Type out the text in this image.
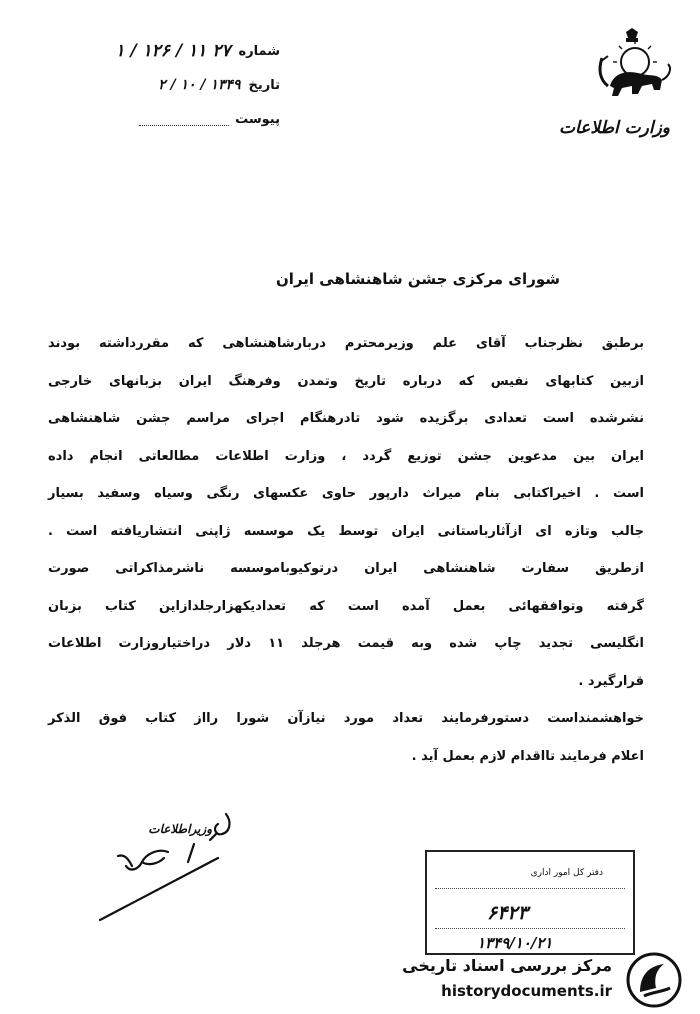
شماره
۲۷ ۱۱ / ۱۲۶ / ۱
تاریخ
۱۳۴۹ / ۱۰ / ۲
پیوست	وزارت اطلاعات
شورای مرکزی جشن شاهنشاهی ایران
برطبق نظرجناب آقای علم وزیرمحترم دربارشاهنشاهی که مقررداشته بودند
ازبین کتابهای نفیس که درباره تاریخ وتمدن وفرهنگ ایران بزبانهای خارجی
نشرشده است تعدادی برگزیده شود تادرهنگام اجرای مراسم جشن شاهنشاهی
ایران بین مدعوین جشن توزیع گردد ، وزارت اطلاعات مطالعاتی انجام داده
است . اخیراکتابی بنام میراث دارپور حاوی عکسهای رنگی وسیاه وسفید بسیار
جالب وتازه ای ازآثارباستانی ایران توسط یک موسسه ژاپنی انتشاریافته است .
ازطریق سفارت شاهنشاهی ایران درتوکیوباموسسه ناشرمذاکراتی صورت
گرفته وتوافقهائی بعمل آمده است که تعدادیکهزارجلدازاین کتاب بزبان
انگلیسی تجدید چاپ شده وبه قیمت هرجلد ۱۱ دلار دراختیاروزارت اطلاعات
قرارگیرد .
خواهشمنداست دستورفرمایند تعداد مورد نیازآن شورا رااز کتاب فوق الذکر
اعلام فرمایند تااقدام لازم بعمل آید .
وزیراطلاعات
دفتر کل امور اداری
۶۴۲۳
۱۳۴۹/۱۰/۲۱
مرکز بررسی اسناد تاریخی
historydocuments.ir
